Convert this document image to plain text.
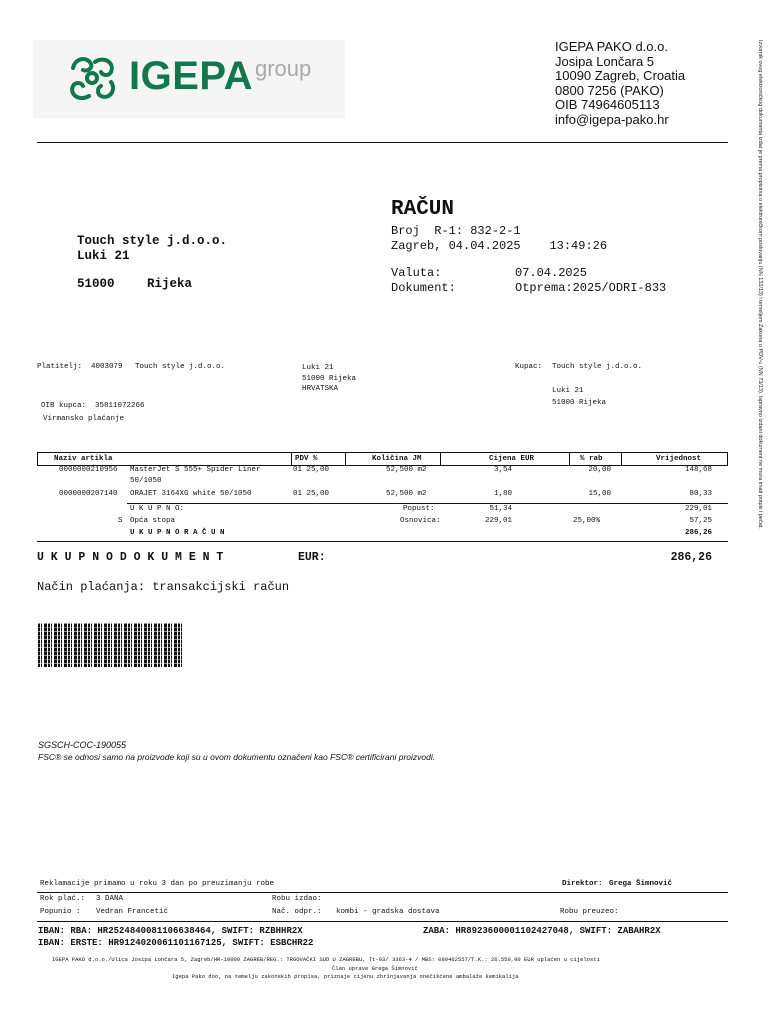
IGEPA group
IGEPA PAKO d.o.o.
Josipa Lončara 5
10090 Zagreb, Croatia
0800 7256 (PAKO)
OIB 74964605113
info@igepa-pako.hr
RAČUN
Broj R-1: 832-2-1
Zagreb, 04.04.2025 13:49:26
Valuta:	07.04.2025
Dokument:	Otprema:2025/ODRI-833
Touch style j.d.o.o.
Luki 21
51000	Rijeka
Platitelj: 4003079 Touch style j.d.o.o.	Luki 21
51000 Rijeka
HRVATSKA
OIB kupca: 35811072266
Virmansko plaćanje
Kupac: Touch style j.d.o.o.
Luki 21
51000 Rijeka
Naziv artikla	PDV %	Količina JM	Cijena EUR	% rab	Vrijednost
0000000210956 MasterJet S 555+ Spider Liner
50/1050
01 25,00	52,500 m2	3,54	20,00	148,68
0000000207140 ORAJET 3164XG white 50/1050	01 25,00	52,500 m2	1,80	15,00	80,33
U K U P N O:	Popust:	51,34	229,01
S Opća stopa	Osnovica:	229,01	25,00%	57,25
U K U P N O R A Č U N	286,26
U K U P N O D O K U M E N T	EUR:	286,26
Način plaćanja: transakcijski račun
SGSCH-COC-190055
FSC® se odnosi samo na proizvode koji su u ovom dokumentu označeni kao FSC® certificirani proizvodi.
Reklamacije primamo u roku 3 dan po preuzimanju robe	Direktor: Grega Šimnovič
Rok plać.: 3 DANA	Robu izdao:
Popunio : Vedran Francetić	Nač. odpr.: kombi - gradska dostava	Robu preuzeo:
IBAN: RBA: HR2524840081106638464, SWIFT: RZBHHR2X	ZABA: HR8923600001102427048, SWIFT: ZABAHR2X
IBAN: ERSTE: HR9124020061101167125, SWIFT: ESBCHR22
IGEPA PAKO d.o.o./Ulica Josipa Lončara 5, Zagreb/HR-10000 ZAGREB/REG.: TRGOVAČKI SUD U ZAGREBU, Tt-03/ 3363-4 / MBS: 080462557/T.K.: 26.550,00 EUR uplaćen u cijelosti
Član uprave Grega Šimnovič
Igepa Pako doo, na temelju zakonskih propisa, priznaje cijenu zbrinjavanja onečišćene ambalaže kemikalija
Izvornik ovog elektroničkog dokumenta izdat je prema propisima o elektroničkom poslovanju (NN 132/13) i temeljem Zakona o PDV-u (NN 73/13). Ispravno izdani dokument ne mora imati potpis i pečat.
